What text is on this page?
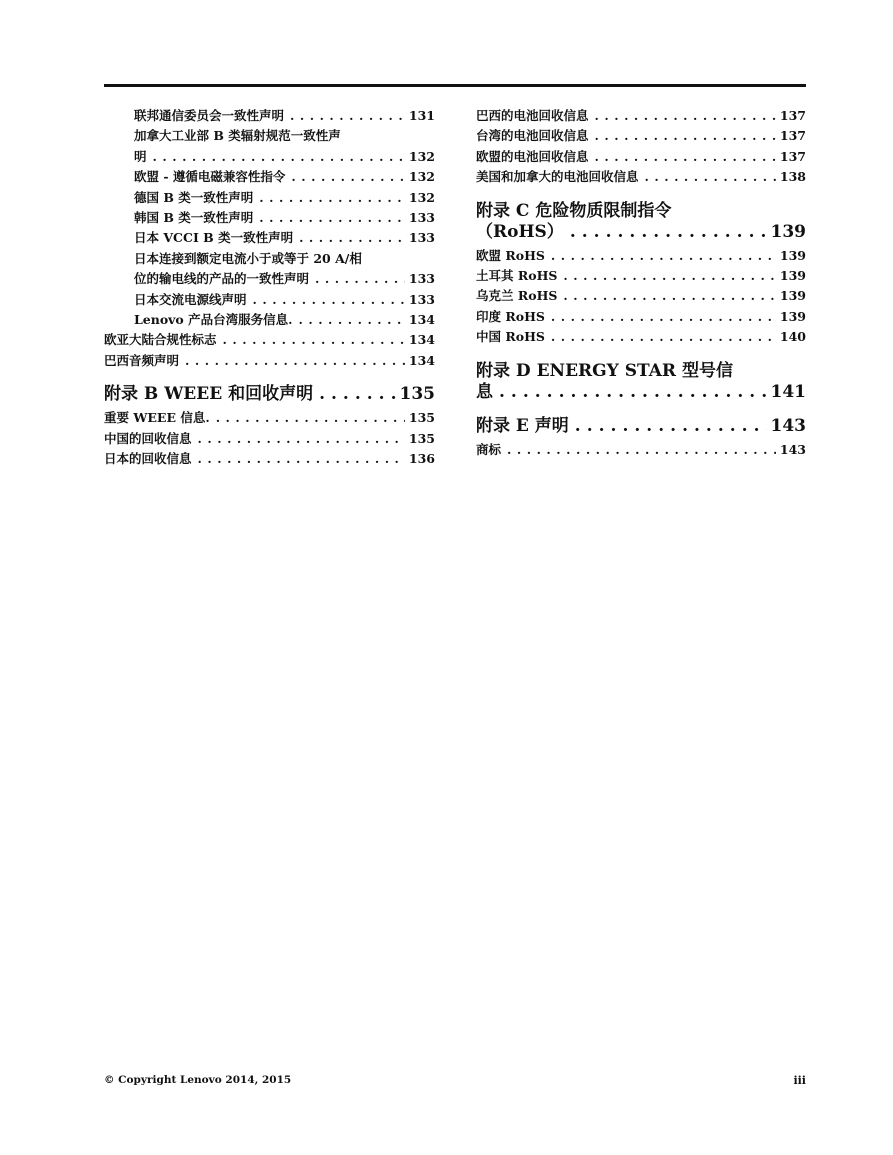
联邦通信委员会一致性声明 .....	131
加拿大工业部 B 类辐射规范一致性声
明 .....	132
欧盟 - 遵循电磁兼容性指令 .....	132
德国 B 类一致性声明 .....	132
韩国 B 类一致性声明 .....	133
日本 VCCI B 类一致性声明 .....	133
日本连接到额定电流小于或等于 20 A/相
位的输电线的产品的一致性声明 .....	133
日本交流电源线声明 .....	133
Lenovo 产品台湾服务信息. .....	134
欧亚大陆合规性标志 .....	134
巴西音频声明 .....	134
附录 B WEEE 和回收声明 .....	135
重要 WEEE 信息. .....	135
中国的回收信息 .....	135
日本的回收信息 .....	136
巴西的电池回收信息 .....	137
台湾的电池回收信息 .....	137
欧盟的电池回收信息 .....	137
美国和加拿大的电池回收信息 .....	138
附录 C 危险物质限制指令
（RoHS） .....	139
欧盟 RoHS .....	139
土耳其 RoHS .....	139
乌克兰 RoHS .....	139
印度 RoHS .....	139
中国 RoHS .....	140
附录 D ENERGY STAR 型号信
息 .....	141
附录 E 声明 .....	143
商标 .....	143
© Copyright Lenovo 2014, 2015	iii
